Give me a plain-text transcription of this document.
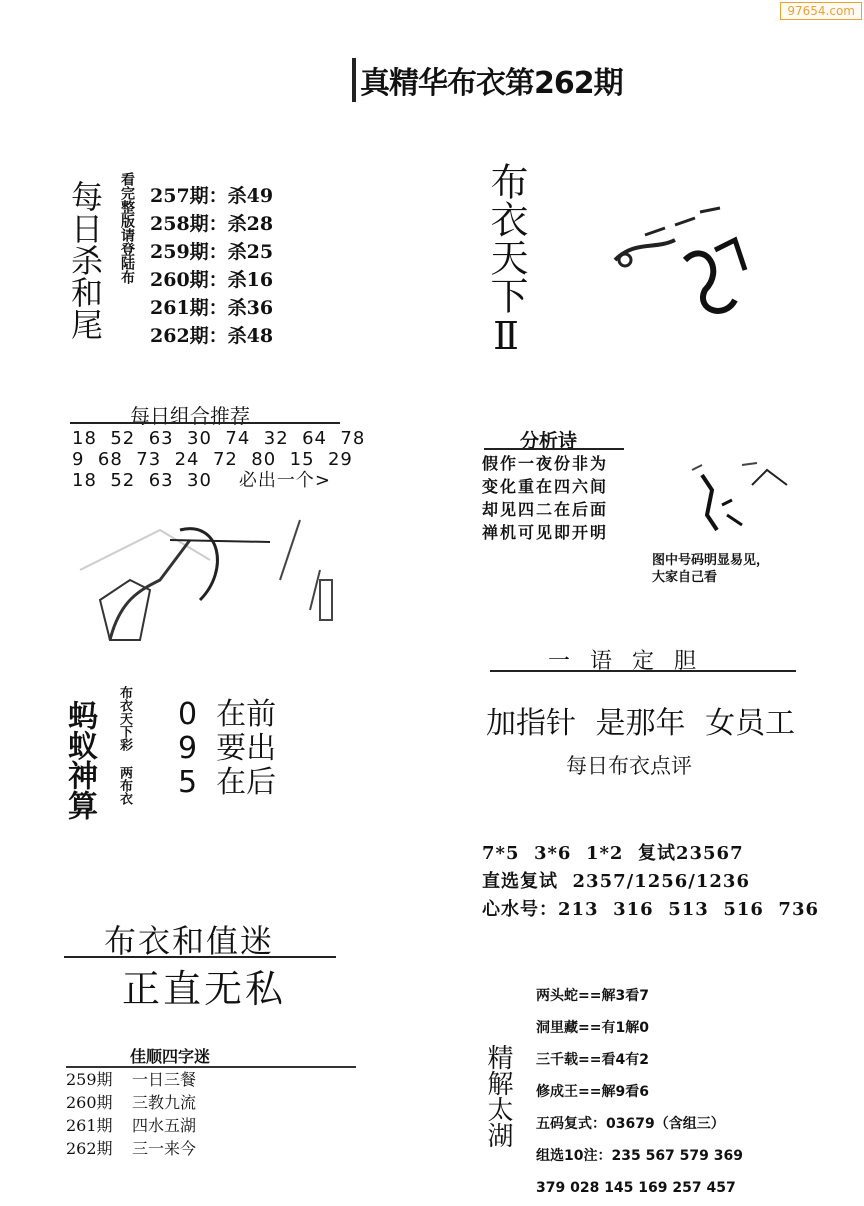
97654.com
真精华布衣第262期
每日杀和尾 看完整版请登陆布 257期：杀49
258期：杀28
259期：杀25
260期：杀16
261期：杀36
262期：杀48
每日组合推荐
18  52  63  30  74  32  64  78
9  68  73  24  72  80  15  29
18  52  63  30    必出一个>
蚂蚁神算 布衣天下彩 两布衣 0  在前
9  要出
5  在后
布衣和值迷
正直无私
佳顺四字迷
259期 一日三餐
260期 三教九流
261期 四水五湖
262期 三一来今
布衣天下Ⅱ
分析诗
假作一夜份非为
变化重在四六间
却见四二在后面
禅机可见即开明
图中号码明显易见，
大家自己看
一语定胆
加指针 是那年 女员工
每日布衣点评
7*5  3*6  1*2  复试23567
直选复试  2357/1256/1236
心水号：213  316  513  516  736
精解太湖
两头蛇==解3看7
洞里藏==有1解0
三千载==看4有2
修成王==解9看6
五码复式：03679（含组三）
组选10注：235 567 579 369
379 028 145 169 257 457
